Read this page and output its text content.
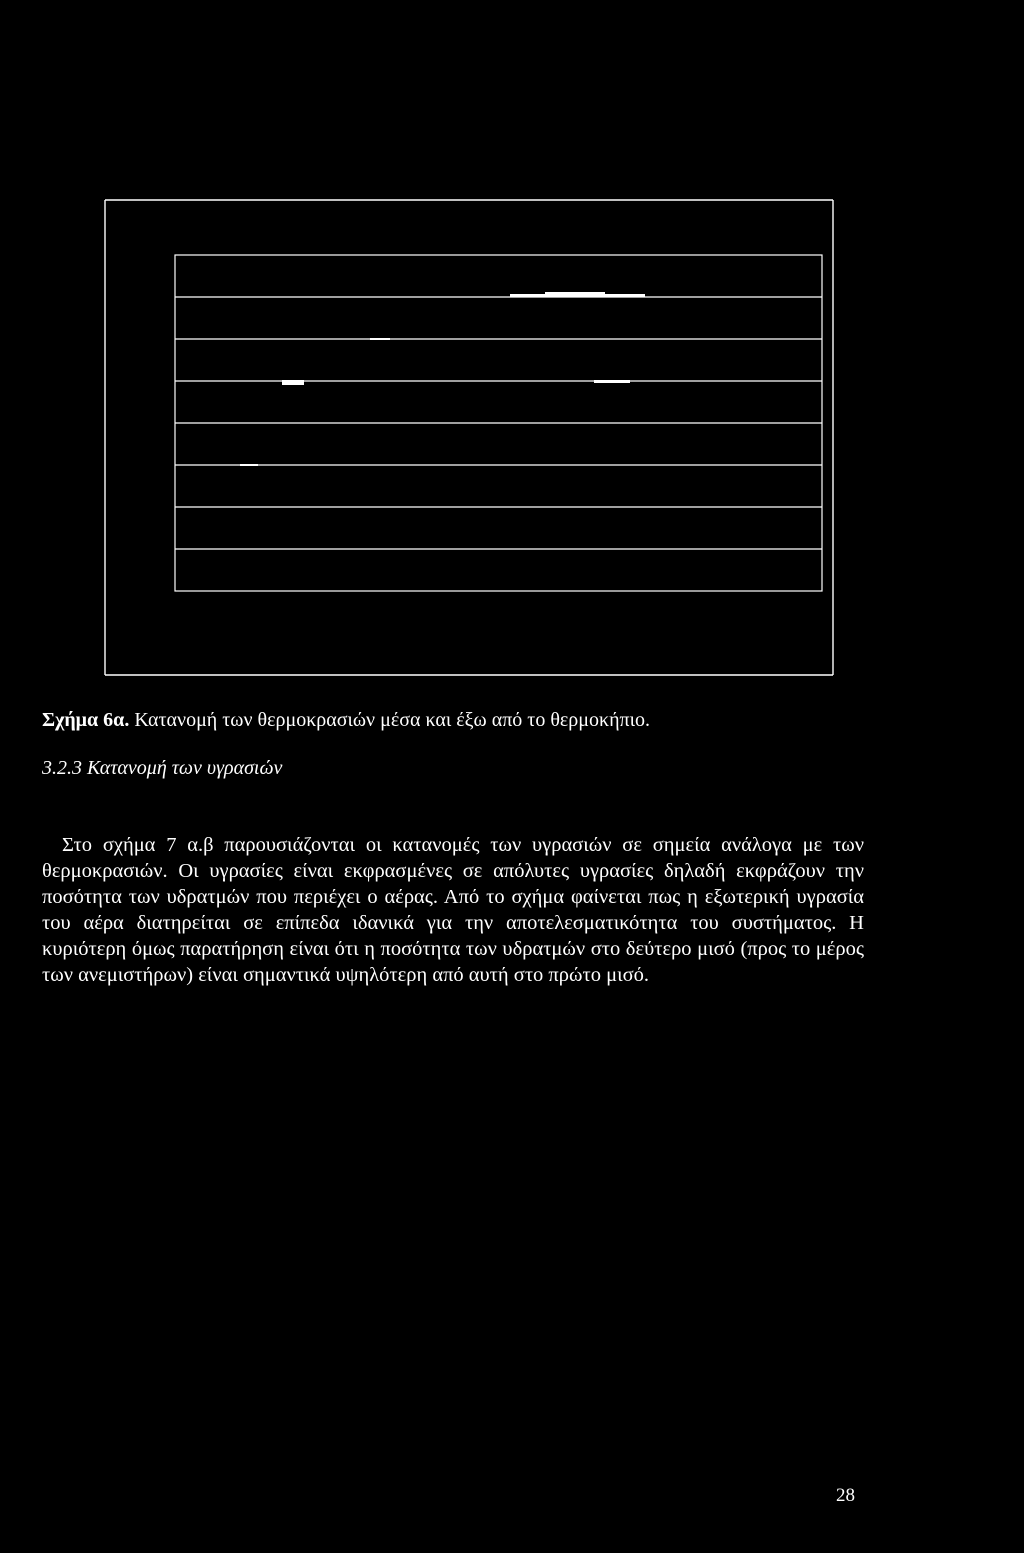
Σχήμα 6α. Κατανομή των θερμοκρασιών μέσα και έξω από το θερμοκήπιο.
3.2.3 Κατανομή των υγρασιών

Στο σχήμα 7 α.β παρουσιάζονται οι κατανομές των υγρασιών σε σημεία ανάλογα με των θερμοκρασιών. Οι υγρασίες είναι εκφρασμένες σε απόλυτες υγρασίες δηλαδή εκφράζουν την ποσότητα των υδρατμών που περιέχει ο αέρας. Από το σχήμα φαίνεται πως η εξωτερική υγρασία του αέρα διατηρείται σε επίπεδα ιδανικά για την αποτελεσματικότητα του συστήματος. Η κυριότερη όμως παρατήρηση είναι ότι η ποσότητα των υδρατμών στο δεύτερο μισό (προς το μέρος των ανεμιστήρων) είναι σημαντικά υψηλότερη από αυτή στο πρώτο μισό.

28
